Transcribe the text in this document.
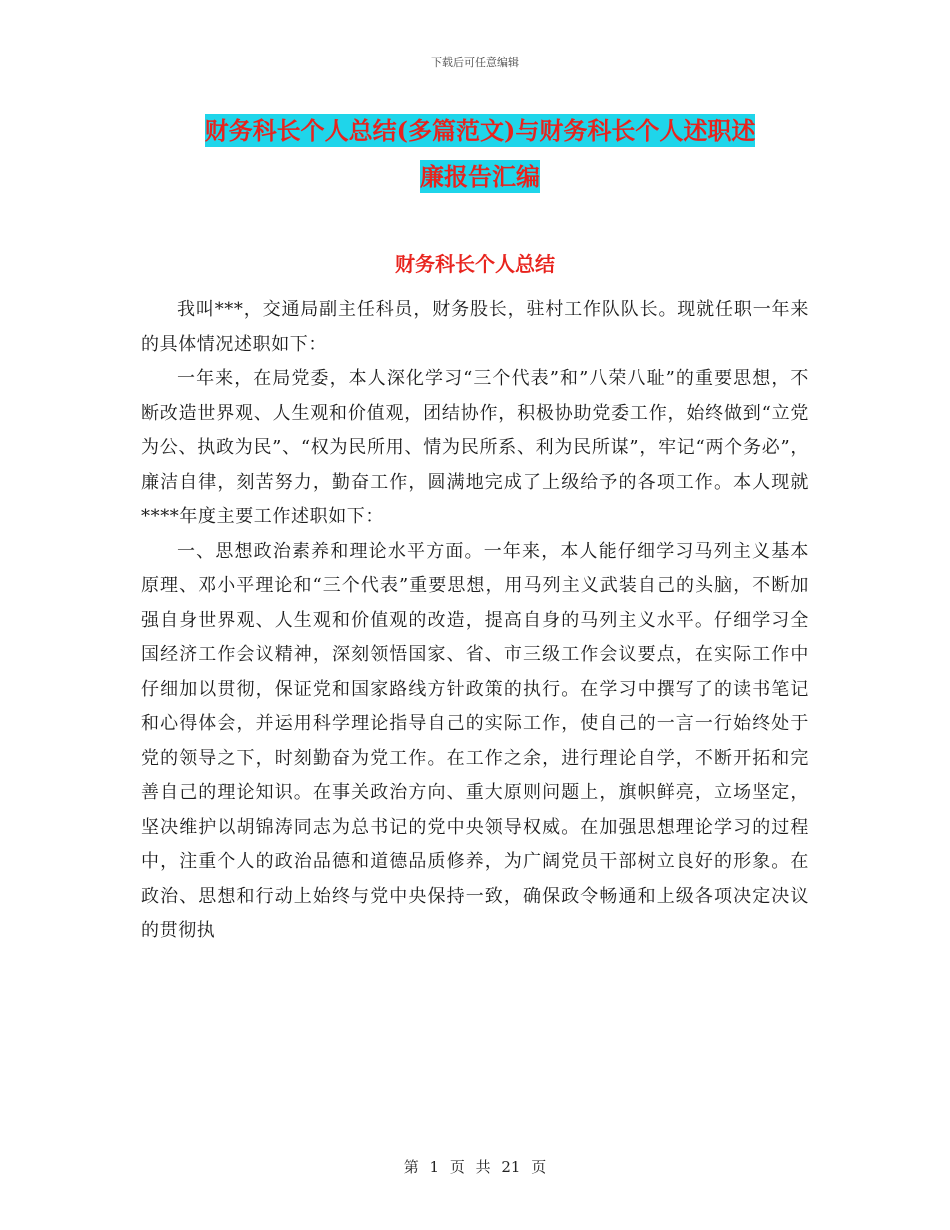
下载后可任意编辑
财务科长个人总结(多篇范文)与财务科长个人述职述
廉报告汇编
财务科长个人总结

我叫***，交通局副主任科员，财务股长，驻村工作队队长。现就任职一年来的具体情况述职如下：

一年来，在局党委，本人深化学习“三个代表”和”八荣八耻”的重要思想，不断改造世界观、人生观和价值观，团结协作，积极协助党委工作，始终做到“立党为公、执政为民”、“权为民所用、情为民所系、利为民所谋”，牢记“两个务必”，廉洁自律，刻苦努力，勤奋工作，圆满地完成了上级给予的各项工作。本人现就****年度主要工作述职如下：

一、思想政治素养和理论水平方面。一年来，本人能仔细学习马列主义基本原理、邓小平理论和“三个代表”重要思想，用马列主义武装自己的头脑，不断加强自身世界观、人生观和价值观的改造，提高自身的马列主义水平。仔细学习全国经济工作会议精神，深刻领悟国家、省、市三级工作会议要点，在实际工作中仔细加以贯彻，保证党和国家路线方针政策的执行。在学习中撰写了的读书笔记和心得体会，并运用科学理论指导自己的实际工作，使自己的一言一行始终处于党的领导之下，时刻勤奋为党工作。在工作之余，进行理论自学，不断开拓和完善自己的理论知识。在事关政治方向、重大原则问题上，旗帜鲜亮，立场坚定，坚决维护以胡锦涛同志为总书记的党中央领导权威。在加强思想理论学习的过程中，注重个人的政治品德和道德品质修养，为广阔党员干部树立良好的形象。在政治、思想和行动上始终与党中央保持一致，确保政令畅通和上级各项决定决议的贯彻执

第 1 页 共 21 页
